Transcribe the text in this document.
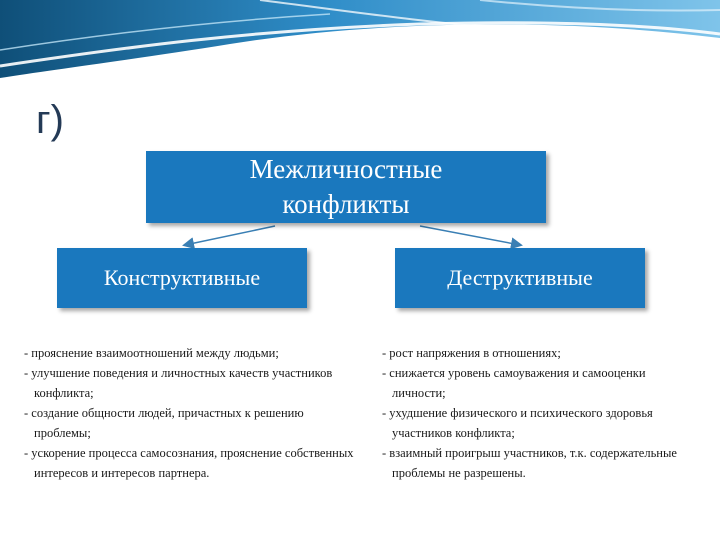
г)
Межличностные
конфликты
Конструктивные	Деструктивные
- прояснение взаимоотношений между людьми;
- улучшение поведения и личностных качеств участников конфликта;
- создание общности людей, причастных к решению проблемы;
- ускорение процесса самосознания, прояснение собственных интересов и интересов партнера.
- рост напряжения в отношениях;
- снижается уровень самоуважения и самооценки личности;
- ухудшение физического и психического здоровья участников конфликта;
- взаимный проигрыш участников, т.к. содержательные проблемы не разрешены.
